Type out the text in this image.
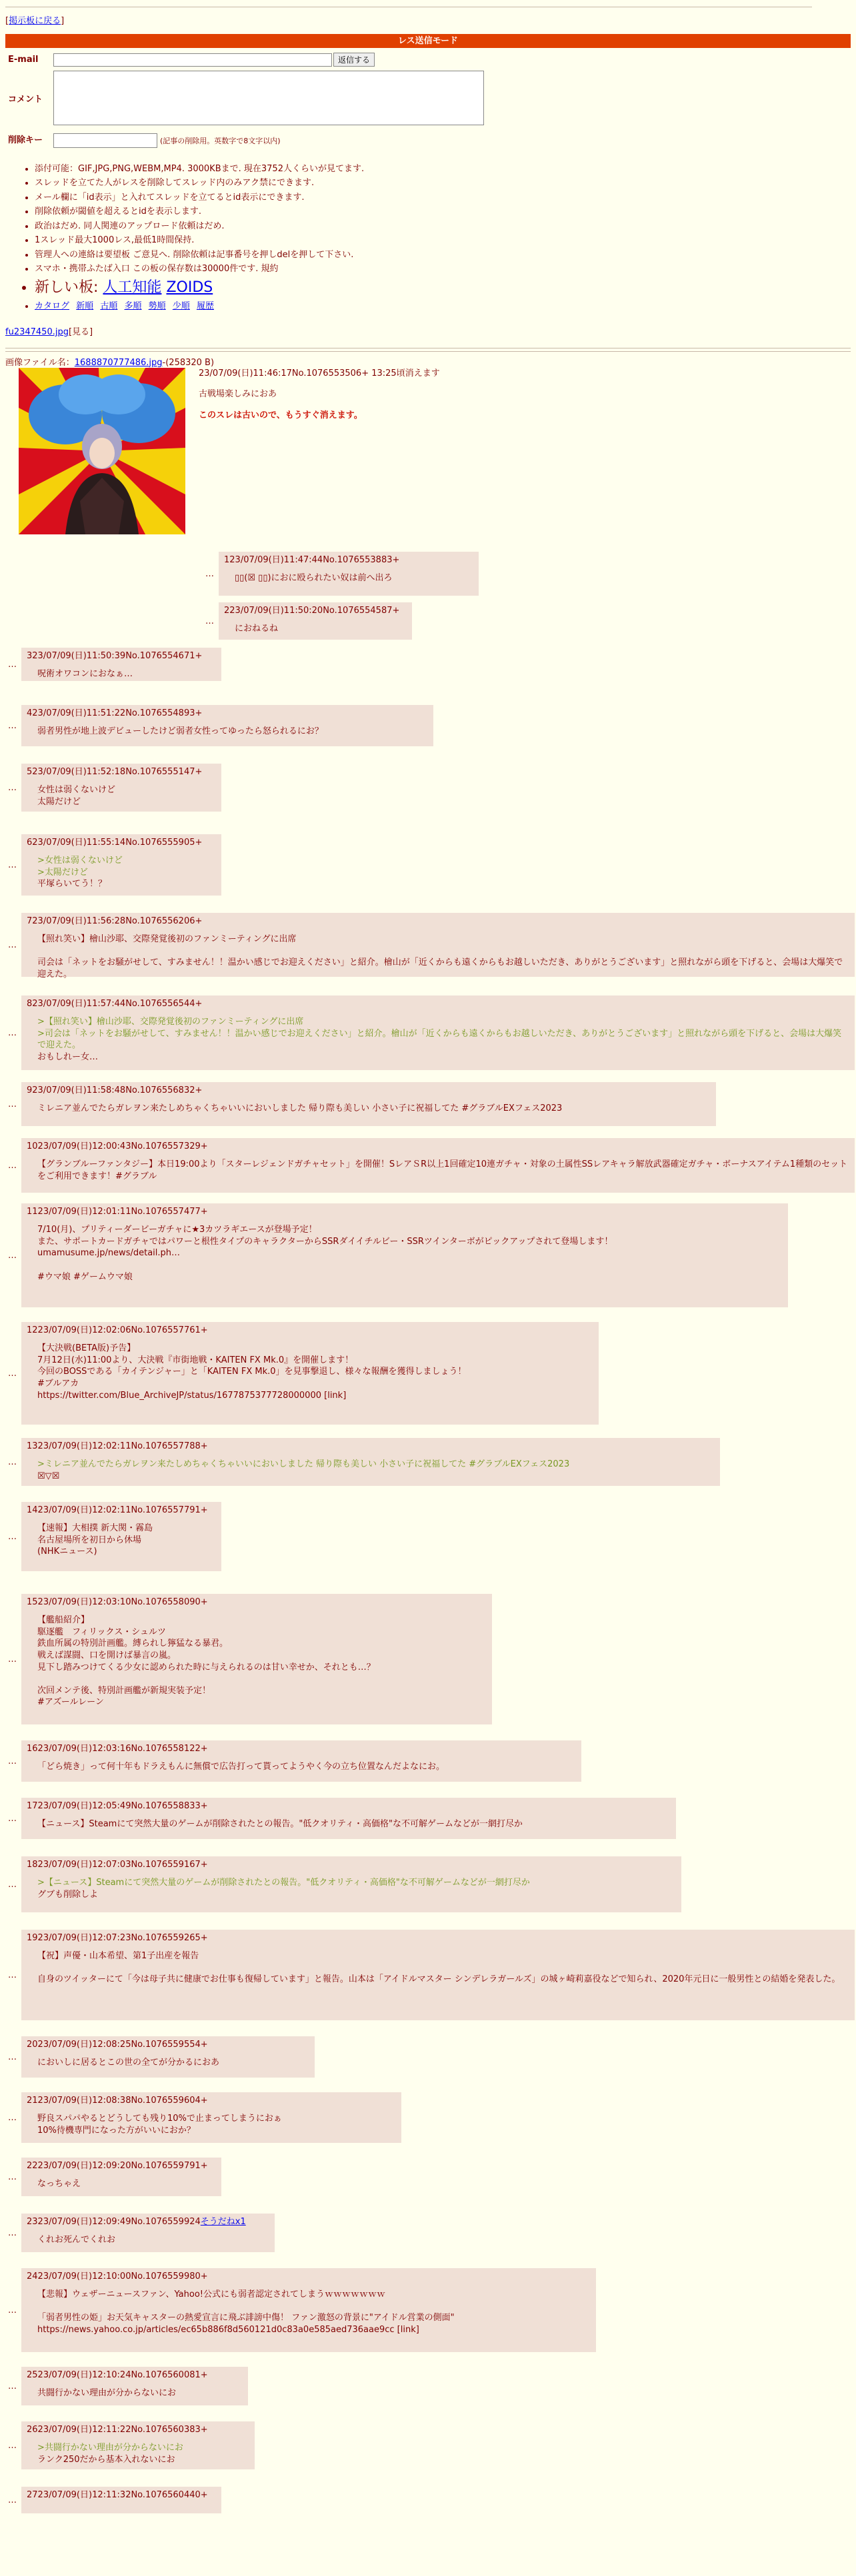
[掲示板に戻る]
レス送信モード
E-mail	返信する
コメント	
削除キー	(記事の削除用。英数字で8文字以内)
• 添付可能：GIF,JPG,PNG,WEBM,MP4. 3000KBまで. 現在3752人くらいが見てます.
• スレッドを立てた人がレスを削除してスレッド内のみアク禁にできます.
• メール欄に「id表示」と入れてスレッドを立てるとid表示にできます.
• 削除依頼が閾値を超えるとidを表示します.
• 政治はだめ. 同人関連のアップロード依頼はだめ.
• 1スレッド最大1000レス,最低1時間保持.
• 管理人への連絡は要望板 ご意見へ. 削除依頼は記事番号を押しdelを押して下さい.
• スマホ・携帯ふたば入口 この板の保存数は30000件です. 規約
• 新しい板: 人工知能 ZOIDS
• カタログ 新順 古順 多順 勢順 少順 履歴
fu2347450.jpg[見る]
画像ファイル名：1688870777486.jpg-(258320 B)
23/07/09(日)11:46:17No.1076553506+ 13:25頃消えます
古戦場楽しみにおあ
このスレは古いので、もうすぐ消えます。
…
123/07/09(日)11:47:44No.1076553883+
▯▯(☒ ▯▯)におに殴られたい奴は前へ出ろ
…
223/07/09(日)11:50:20No.1076554587+
におねるね
…
323/07/09(日)11:50:39No.1076554671+
呪術オワコンにおなぁ…
…
423/07/09(日)11:51:22No.1076554893+
弱者男性が地上波デビューしたけど弱者女性ってゆったら怒られるにお？
…
523/07/09(日)11:52:18No.1076555147+
女性は弱くないけど
太陽だけど
…
623/07/09(日)11:55:14No.1076555905+
>女性は弱くないけど
>太陽だけど
平塚らいてう！？
…
723/07/09(日)11:56:28No.1076556206+
【照れ笑い】檜山沙耶、交際発覚後初のファンミーティングに出席

司会は「ネットをお騒がせして、すみません！！温かい感じでお迎えください」と紹介。檜山が「近くからも遠くからもお越しいただき、ありがとうございます」と照れながら頭を下げると、会場は大爆笑で迎えた。
…
823/07/09(日)11:57:44No.1076556544+
>【照れ笑い】檜山沙耶、交際発覚後初のファンミーティングに出席
>司会は「ネットをお騒がせして、すみません！！温かい感じでお迎えください」と紹介。檜山が「近くからも遠くからもお越しいただき、ありがとうございます」と照れながら頭を下げると、会場は大爆笑で迎えた。
おもしれー女…
…
923/07/09(日)11:58:48No.1076556832+
ミレニア並んでたらガレヲン来たしめちゃくちゃいいにおいしました 帰り際も美しい 小さい子に祝福してた #グラブルEXフェス2023
…
1023/07/09(日)12:00:43No.1076557329+
【グランブルーファンタジー】本日19:00より「スターレジェンドガチャセット」を開催！SレアＳR以上1回確定10連ガチャ・対象の土属性SSレアキャラ解放武器確定ガチャ・ボーナスアイテム1種類のセットをご利用できます！#グラブル
…
1123/07/09(日)12:01:11No.1076557477+
7/10(月)、プリティーダービーガチャに★3カツラギエースが登場予定！
また、サポートカードガチャではパワーと根性タイプのキャラクターからSSRダイイチルビー・SSRツインターボがピックアップされて登場します！
umamusume.jp/news/detail.ph…

#ウマ娘 #ゲームウマ娘
…
1223/07/09(日)12:02:06No.1076557761+
【大決戦(BETA版)予告】
7月12日(水)11:00より、大決戦『市街地戦・KAITEN FX Mk.0』を開催します！
今回のBOSSである「カイテンジャー」と「KAITEN FX Mk.0」を見事撃退し、様々な報酬を獲得しましょう！
#ブルアカ
https://twitter.com/Blue_ArchiveJP/status/1677875377728000000 [link]
…
1323/07/09(日)12:02:11No.1076557788+
>ミレニア並んでたらガレヲン来たしめちゃくちゃいいにおいしました 帰り際も美しい 小さい子に祝福してた #グラブルEXフェス2023
☒▽☒
…
1423/07/09(日)12:02:11No.1076557791+
【速報】大相撲 新大関・霧島
名古屋場所を初日から休場
(NHKニュース)
…
1523/07/09(日)12:03:10No.1076558090+
【艦船紹介】
駆逐艦　フィリックス・シュルツ
鉄血所属の特別計画艦。縛られし獰猛なる暴君。
戦えば謀闘、口を開けば暴言の嵐。
見下し踏みつけてくる少女に認められた時に与えられるのは甘い幸せか、それとも…？

次回メンテ後、特別計画艦が新規実装予定！
#アズールレーン
…
1623/07/09(日)12:03:16No.1076558122+
「どら焼き」って何十年もドラえもんに無償で広告打って貰ってようやく今の立ち位置なんだよなにお。
…
1723/07/09(日)12:05:49No.1076558833+
【ニュース】Steamにて突然大量のゲームが削除されたとの報告。"低クオリティ・高価格"な不可解ゲームなどが一網打尽か
…
1823/07/09(日)12:07:03No.1076559167+
>【ニュース】Steamにて突然大量のゲームが削除されたとの報告。"低クオリティ・高価格"な不可解ゲームなどが一網打尽か
グブも削除しよ
…
1923/07/09(日)12:07:23No.1076559265+
【祝】声優・山本希望、第1子出産を報告

自身のツイッターにて「今は母子共に健康でお仕事も復帰しています」と報告。山本は「アイドルマスター シンデレラガールズ」の城ヶ崎莉嘉役などで知られ、2020年元日に一般男性との結婚を発表した。
…
2023/07/09(日)12:08:25No.1076559554+
においしに居るとこの世の全てが分かるにおあ
…
2123/07/09(日)12:08:38No.1076559604+
野良スパパやるとどうしても残り10%で止まってしまうにおぁ
10%待機専門になった方がいいにおか？
…
2223/07/09(日)12:09:20No.1076559791+
なっちゃえ
…
2323/07/09(日)12:09:49No.1076559924そうだねx1
くれお死んでくれお
…
2423/07/09(日)12:10:00No.1076559980+
【悲報】ウェザーニュースファン、Yahoo!公式にも弱者認定されてしまうｗｗｗｗｗｗｗ

「弱者男性の姫」お天気キャスターの熱愛宣言に飛ぶ誹謗中傷！ ファン激怒の背景に"アイドル営業の側面"
https://news.yahoo.co.jp/articles/ec65b886f8d560121d0c83a0e585aed736aae9cc [link]
…
2523/07/09(日)12:10:24No.1076560081+
共闘行かない理由が分からないにお
…
2623/07/09(日)12:11:22No.1076560383+
>共闘行かない理由が分からないにお
ランク250だから基本入れないにお
…
2723/07/09(日)12:11:32No.1076560440+
